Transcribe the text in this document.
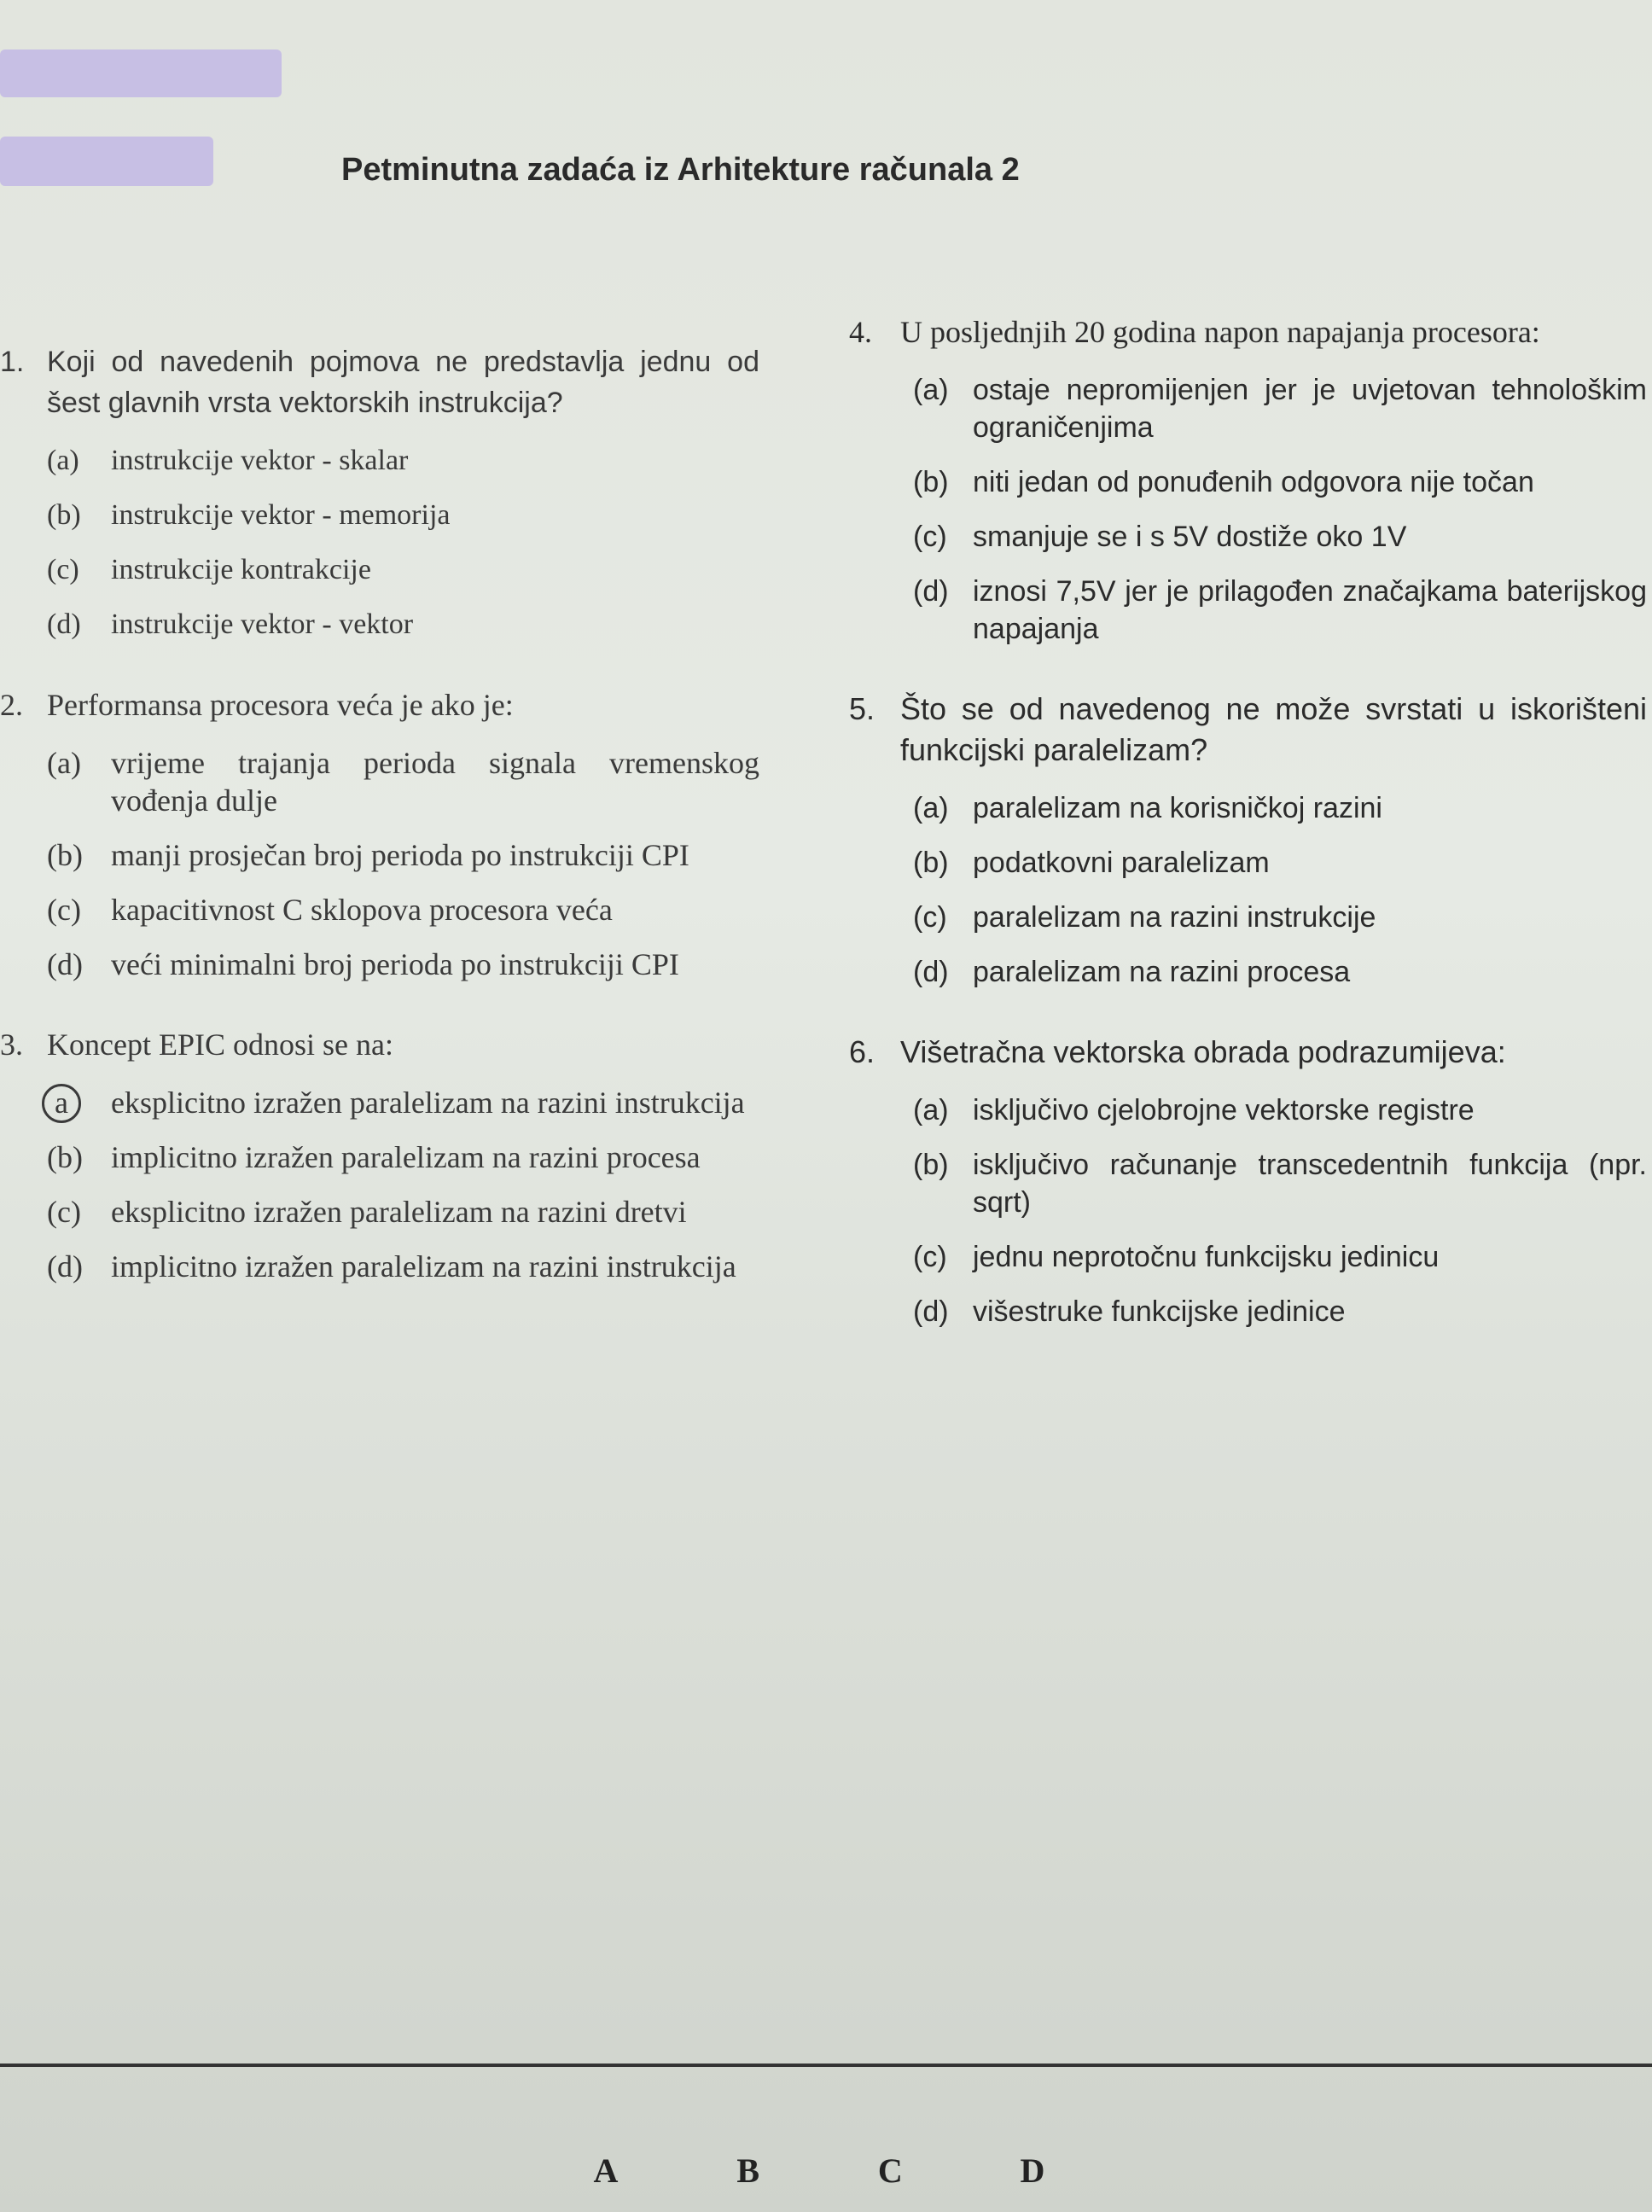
Petminutna zadaća iz Arhitekture računala 2
1. Koji od navedenih pojmova ne predstavlja jednu od šest glavnih vrsta vektorskih instrukcija?
(a) instrukcije vektor - skalar
(b) instrukcije vektor - memorija
(c) instrukcije kontrakcije
(d) instrukcije vektor - vektor
2. Performansa procesora veća je ako je:
(a) vrijeme trajanja perioda signala vremenskog vođenja dulje
(b) manji prosječan broj perioda po instrukciji CPI
(c) kapacitivnost C sklopova procesora veća
(d) veći minimalni broj perioda po instrukciji CPI
3. Koncept EPIC odnosi se na:
a	eksplicitno izražen paralelizam na razini instrukcija
(b) implicitno izražen paralelizam na razini procesa
(c) eksplicitno izražen paralelizam na razini dretvi
(d) implicitno izražen paralelizam na razini instrukcija
4. U posljednjih 20 godina napon napajanja procesora:
(a) ostaje nepromijenjen jer je uvjetovan tehnološkim ograničenjima
(b) niti jedan od ponuđenih odgovora nije točan
(c) smanjuje se i s 5V dostiže oko 1V
(d) iznosi 7,5V jer je prilagođen značajkama baterijskog napajanja
5. Što se od navedenog ne može svrstati u iskorišteni funkcijski paralelizam?
(a) paralelizam na korisničkoj razini
(b) podatkovni paralelizam
(c) paralelizam na razini instrukcije
(d) paralelizam na razini procesa
6. Višetračna vektorska obrada podrazumijeva:
(a) isključivo cjelobrojne vektorske registre
(b) isključivo računanje transcedentnih funkcija (npr. sqrt)
(c) jednu neprotočnu funkcijsku jedinicu
(d) višestruke funkcijske jedinice
A	B	C	D
